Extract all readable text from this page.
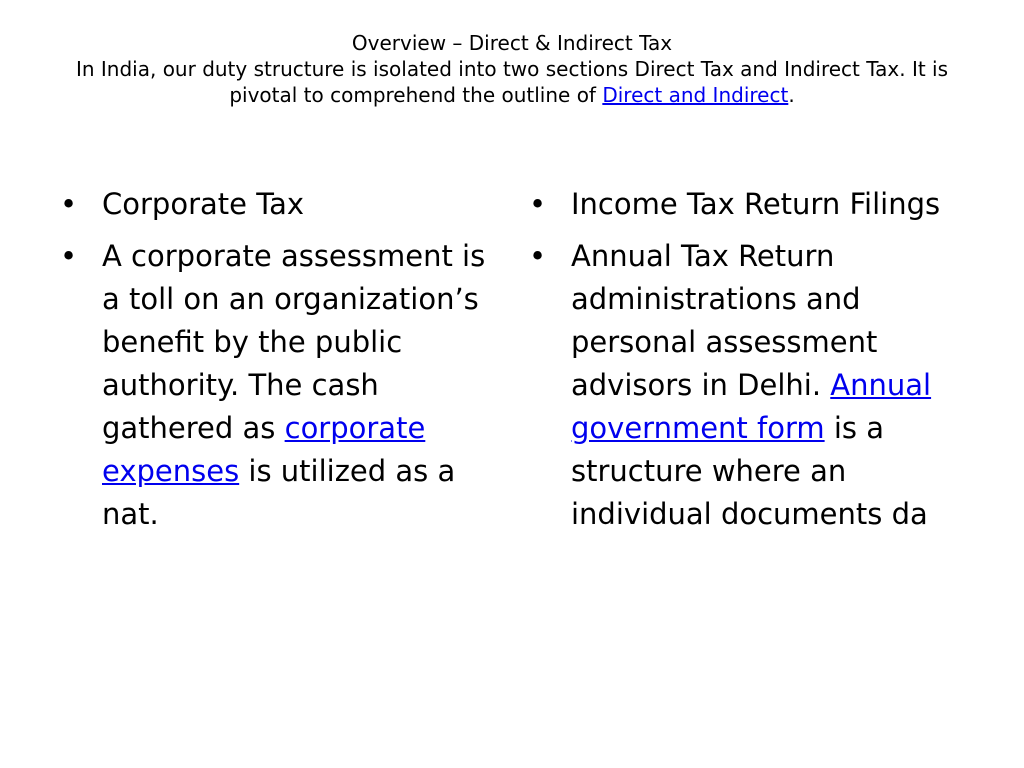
Overview – Direct & Indirect Tax
In India, our duty structure is isolated into two sections Direct Tax and Indirect Tax. It is pivotal to comprehend the outline of Direct and Indirect.
• Corporate Tax
• A corporate assessment is a toll on an organization’s benefit by the public authority. The cash gathered as corporate expenses is utilized as a nat.
• Income Tax Return Filings
• Annual Tax Return administrations and personal assessment advisors in Delhi. Annual government form is a structure where an individual documents da
